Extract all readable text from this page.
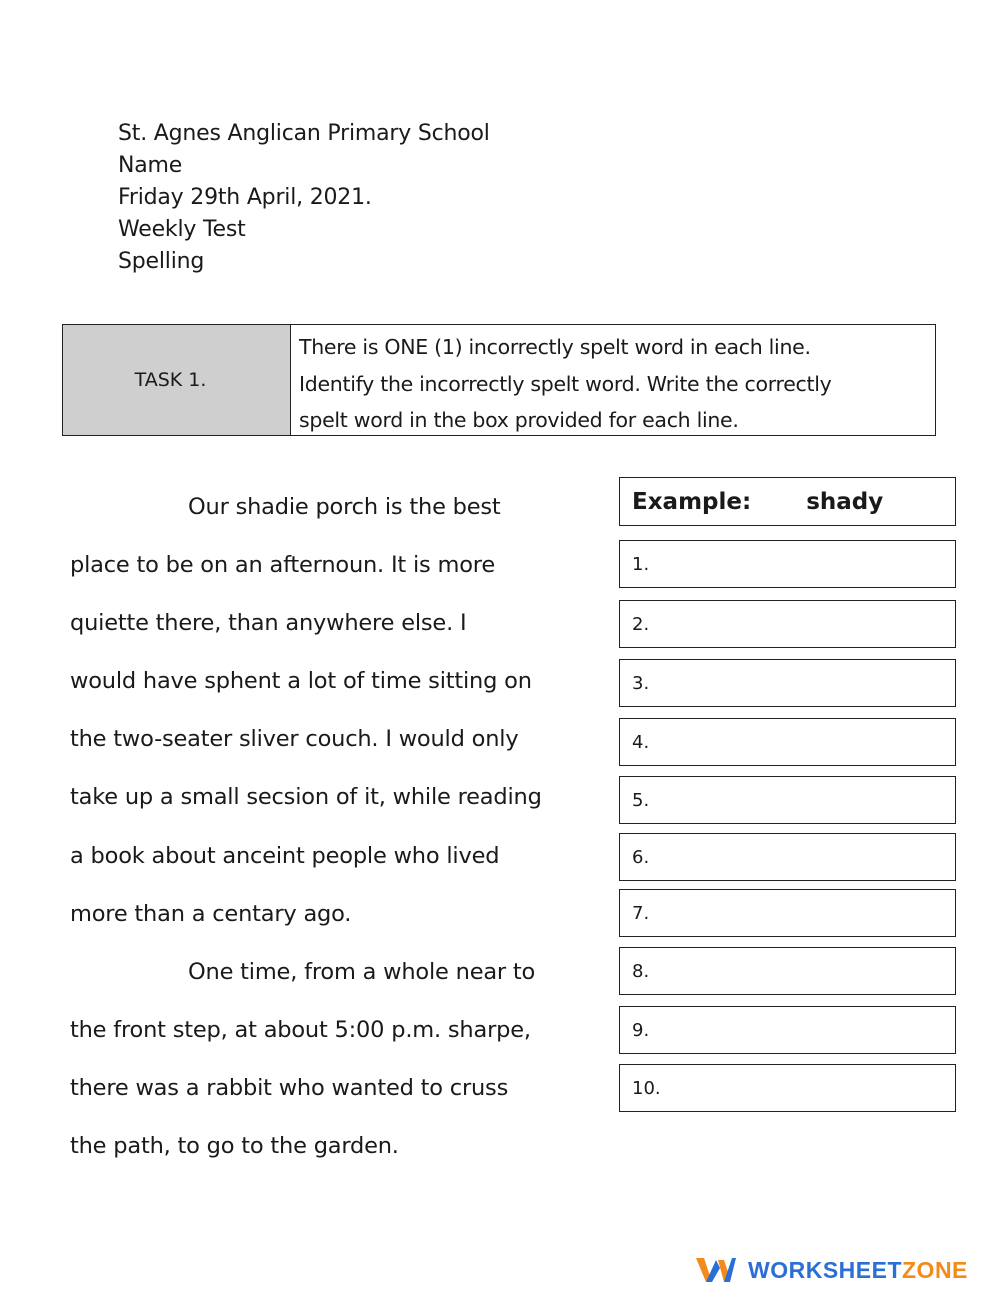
St. Agnes Anglican Primary School
Name
Friday 29th April, 2021.
Weekly Test
Spelling
TASK 1.
There is ONE (1) incorrectly spelt word in each line.
Identify the incorrectly spelt word. Write the correctly
spelt word in the box provided for each line.
Our shadie porch is the best
place to be on an afternoun. It is more
quiette there, than anywhere else. I
would have sphent a lot of time sitting on
the two-seater sliver couch. I would only
take up a small secsion of it, while reading
a book about anceint people who lived
more than a centary ago.
One time, from a whole near to
the front step, at about 5:00 p.m. sharpe,
there was a rabbit who wanted to cruss
the path, to go to the garden.
Example: shady
1.
2.
3.
4.
5.
6.
7.
8.
9.
10.
WORKSHEET ZONE
